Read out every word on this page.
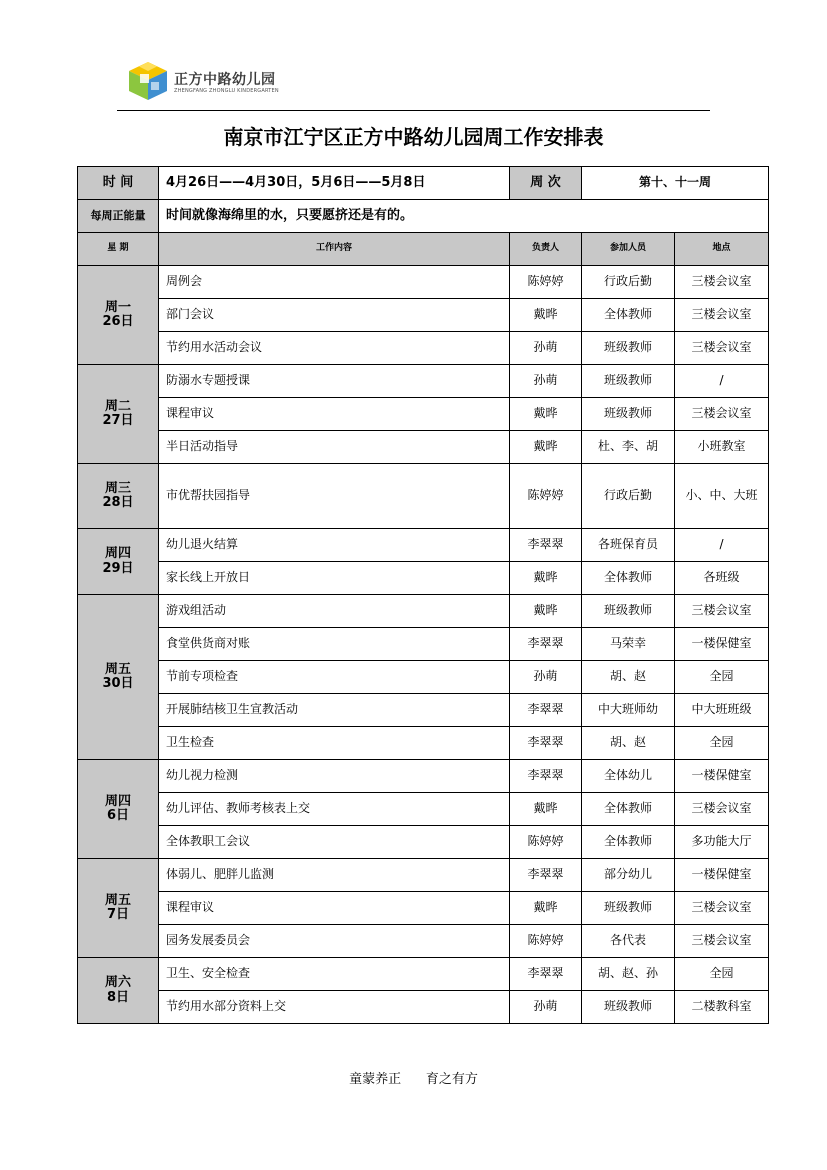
正方中路幼儿园
ZHENGFANG ZHONGLU KINDERGARTEN
南京市江宁区正方中路幼儿园周工作安排表
时 间	4月26日——4月30日，5月6日——5月8日	周 次	第十、十一周	
每周正能量	时间就像海绵里的水，只要愿挤还是有的。			
星 期	工作内容	负责人	参加人员	地点

周一
26日	周例会	陈婷婷	行政后勤	三楼会议室
	部门会议	戴晔	全体教师	三楼会议室
	节约用水活动会议	孙萌	班级教师	三楼会议室

周二
27日	防溺水专题授课	孙萌	班级教师	/
	课程审议	戴晔	班级教师	三楼会议室
	半日活动指导	戴晔	杜、李、胡	小班教室

周三
28日	市优帮扶园指导	陈婷婷	行政后勤	小、中、大班

周四
29日	幼儿退火结算	李翠翠	各班保育员	/
	家长线上开放日	戴晔	全体教师	各班级

周五
30日	游戏组活动	戴晔	班级教师	三楼会议室
	食堂供货商对账	李翠翠	马荣幸	一楼保健室
	节前专项检查	孙萌	胡、赵	全园
	开展肺结核卫生宣教活动	李翠翠	中大班师幼	中大班班级
	卫生检查	李翠翠	胡、赵	全园

周四
6日	幼儿视力检测	李翠翠	全体幼儿	一楼保健室
	幼儿评估、教师考核表上交	戴晔	全体教师	三楼会议室
	全体教职工会议	陈婷婷	全体教师	多功能大厅

周五
7日	体弱儿、肥胖儿监测	李翠翠	部分幼儿	一楼保健室
	课程审议	戴晔	班级教师	三楼会议室
	园务发展委员会	陈婷婷	各代表	三楼会议室

周六
8日	卫生、安全检查	李翠翠	胡、赵、孙	全园
	节约用水部分资料上交	孙萌	班级教师	二楼教科室
童蒙养正      育之有方
